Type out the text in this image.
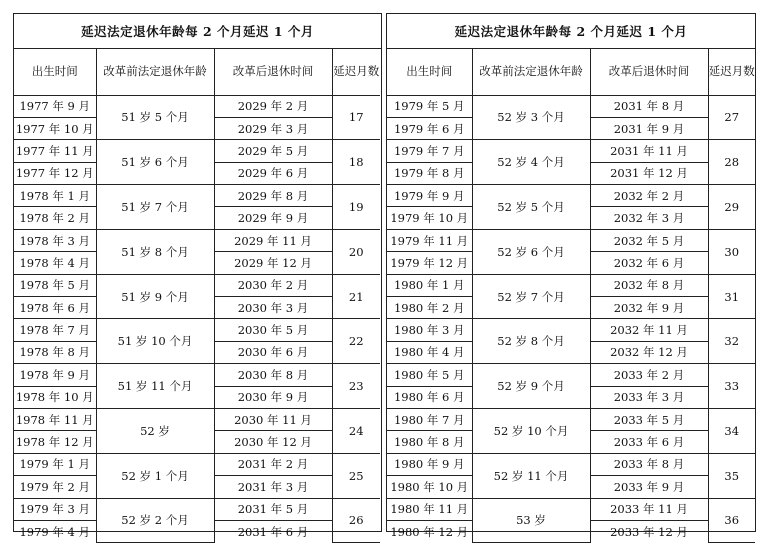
延迟法定退休年龄每 2 个月延迟 1 个月
出生时间	改革前法定退休年龄	改革后退休时间	延迟月数
1977 年 9 月	51 岁 5 个月	2029 年 2 月	17
1977 年 10 月		2029 年 3 月	
1977 年 11 月	51 岁 6 个月	2029 年 5 月	18
1977 年 12 月		2029 年 6 月	
1978 年 1 月	51 岁 7 个月	2029 年 8 月	19
1978 年 2 月		2029 年 9 月	
1978 年 3 月	51 岁 8 个月	2029 年 11 月	20
1978 年 4 月		2029 年 12 月	
1978 年 5 月	51 岁 9 个月	2030 年 2 月	21
1978 年 6 月		2030 年 3 月	
1978 年 7 月	51 岁 10 个月	2030 年 5 月	22
1978 年 8 月		2030 年 6 月	
1978 年 9 月	51 岁 11 个月	2030 年 8 月	23
1978 年 10 月		2030 年 9 月	
1978 年 11 月	52 岁	2030 年 11 月	24
1978 年 12 月		2030 年 12 月	
1979 年 1 月	52 岁 1 个月	2031 年 2 月	25
1979 年 2 月		2031 年 3 月	
1979 年 3 月	52 岁 2 个月	2031 年 5 月	26
1979 年 4 月		2031 年 6 月	
延迟法定退休年龄每 2 个月延迟 1 个月
出生时间	改革前法定退休年龄	改革后退休时间	延迟月数
1979 年 5 月	52 岁 3 个月	2031 年 8 月	27
1979 年 6 月		2031 年 9 月	
1979 年 7 月	52 岁 4 个月	2031 年 11 月	28
1979 年 8 月		2031 年 12 月	
1979 年 9 月	52 岁 5 个月	2032 年 2 月	29
1979 年 10 月		2032 年 3 月	
1979 年 11 月	52 岁 6 个月	2032 年 5 月	30
1979 年 12 月		2032 年 6 月	
1980 年 1 月	52 岁 7 个月	2032 年 8 月	31
1980 年 2 月		2032 年 9 月	
1980 年 3 月	52 岁 8 个月	2032 年 11 月	32
1980 年 4 月		2032 年 12 月	
1980 年 5 月	52 岁 9 个月	2033 年 2 月	33
1980 年 6 月		2033 年 3 月	
1980 年 7 月	52 岁 10 个月	2033 年 5 月	34
1980 年 8 月		2033 年 6 月	
1980 年 9 月	52 岁 11 个月	2033 年 8 月	35
1980 年 10 月		2033 年 9 月	
1980 年 11 月	53 岁	2033 年 11 月	36
1980 年 12 月		2033 年 12 月	
